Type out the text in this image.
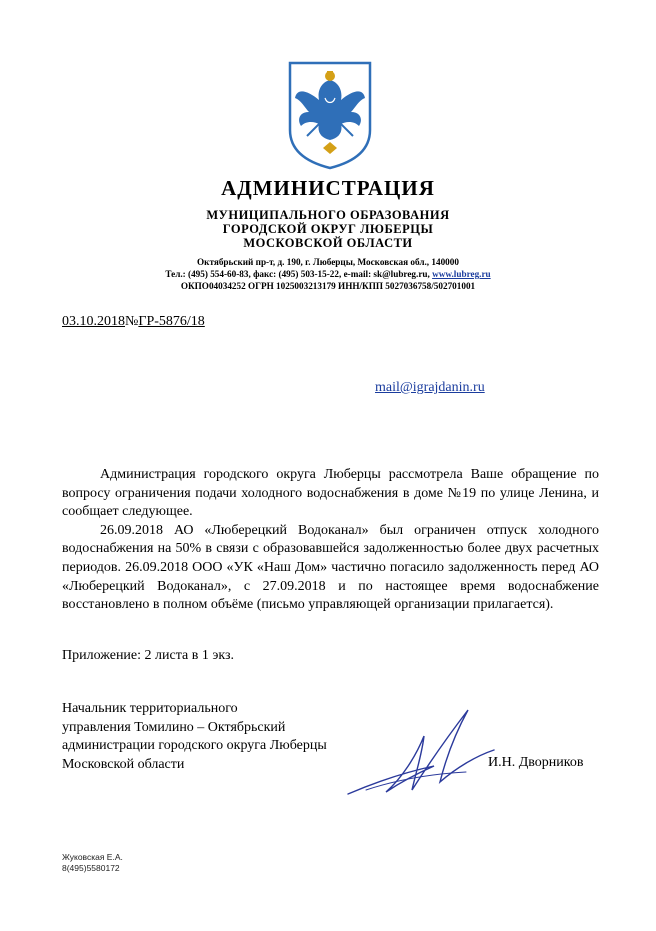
АДМИНИСТРАЦИЯ
МУНИЦИПАЛЬНОГО ОБРАЗОВАНИЯ
ГОРОДСКОЙ ОКРУГ ЛЮБЕРЦЫ
МОСКОВСКОЙ ОБЛАСТИ
Октябрьский пр-т, д. 190, г. Люберцы, Московская обл., 140000
Тел.: (495) 554-60-83, факс: (495) 503-15-22, e-mail: sk@lubreg.ru, www.lubreg.ru
ОКПО04034252 ОГРН 1025003213179 ИНН/КПП 5027036758/502701001
03.10.2018№ГР-5876/18
mail@igrajdanin.ru

Администрация городского округа Люберцы рассмотрела Ваше обращение по вопросу ограничения подачи холодного водоснабжения в доме №19 по улице Ленина, и сообщает следующее.

26.09.2018 АО «Люберецкий Водоканал» был ограничен отпуск холодного водоснабжения на 50% в связи с образовавшейся задолженностью более двух расчетных периодов. 26.09.2018 ООО «УК «Наш Дом» частично погасило задолженность перед АО «Люберецкий Водоканал», с 27.09.2018 и по настоящее время водоснабжение восстановлено в полном объёме (письмо управляющей организации прилагается).

Приложение: 2 листа в 1 экз.
Начальник территориального
управления Томилино – Октябрьский
администрации городского округа Люберцы
Московской области	И.Н. Дворников
Жуковская Е.А.
8(495)5580172
